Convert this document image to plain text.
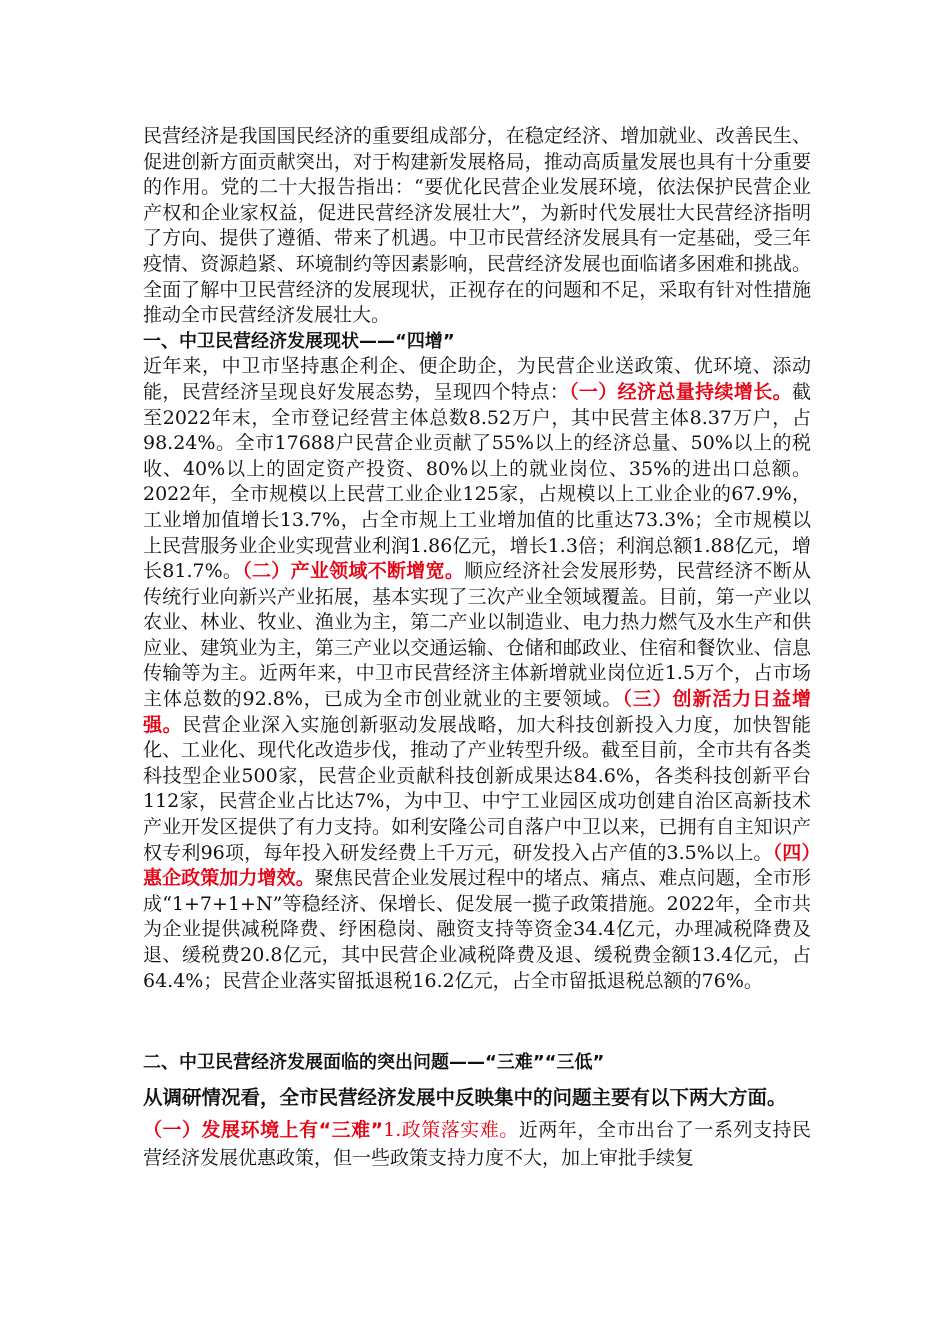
民营经济是我国国民经济的重要组成部分，在稳定经济、增加就业、改善民生、促进创新方面贡献突出，对于构建新发展格局，推动高质量发展也具有十分重要的作用。党的二十大报告指出：“要优化民营企业发展环境，依法保护民营企业产权和企业家权益，促进民营经济发展壮大”，为新时代发展壮大民营经济指明了方向、提供了遵循、带来了机遇。中卫市民营经济发展具有一定基础，受三年疫情、资源趋紧、环境制约等因素影响，民营经济发展也面临诸多困难和挑战。全面了解中卫民营经济的发展现状，正视存在的问题和不足，采取有针对性措施推动全市民营经济发展壮大。

一、中卫民营经济发展现状——“四增”

近年来，中卫市坚持惠企利企、便企助企，为民营企业送政策、优环境、添动能，民营经济呈现良好发展态势，呈现四个特点：（一）经济总量持续增长。截至2022年末，全市登记经营主体总数8.52万户，其中民营主体8.37万户，占98.24%。全市17688户民营企业贡献了55%以上的经济总量、50%以上的税收、40%以上的固定资产投资、80%以上的就业岗位、35%的进出口总额。2022年，全市规模以上民营工业企业125家，占规模以上工业企业的67.9%，工业增加值增长13.7%，占全市规上工业增加值的比重达73.3%；全市规模以上民营服务业企业实现营业利润1.86亿元，增长1.3倍；利润总额1.88亿元，增长81.7%。（二）产业领域不断增宽。顺应经济社会发展形势，民营经济不断从传统行业向新兴产业拓展，基本实现了三次产业全领域覆盖。目前，第一产业以农业、林业、牧业、渔业为主，第二产业以制造业、电力热力燃气及水生产和供应业、建筑业为主，第三产业以交通运输、仓储和邮政业、住宿和餐饮业、信息传输等为主。近两年来，中卫市民营经济主体新增就业岗位近1.5万个，占市场主体总数的92.8%，已成为全市创业就业的主要领域。（三）创新活力日益增强。民营企业深入实施创新驱动发展战略，加大科技创新投入力度，加快智能化、工业化、现代化改造步伐，推动了产业转型升级。截至目前，全市共有各类科技型企业500家，民营企业贡献科技创新成果达84.6%，各类科技创新平台112家，民营企业占比达7%，为中卫、中宁工业园区成功创建自治区高新技术产业开发区提供了有力支持。如利安隆公司自落户中卫以来，已拥有自主知识产权专利96项，每年投入研发经费上千万元，研发投入占产值的3.5%以上。（四）惠企政策加力增效。聚焦民营企业发展过程中的堵点、痛点、难点问题，全市形成“1+7+1+N”等稳经济、保增长、促发展一揽子政策措施。2022年，全市共为企业提供减税降费、纾困稳岗、融资支持等资金34.4亿元，办理减税降费及退、缓税费20.8亿元，其中民营企业减税降费及退、缓税费金额13.4亿元，占64.4%；民营企业落实留抵退税16.2亿元，占全市留抵退税总额的76%。

二、中卫民营经济发展面临的突出问题——“三难”“三低”

从调研情况看，全市民营经济发展中反映集中的问题主要有以下两大方面。

（一）发展环境上有“三难”1.政策落实难。近两年，全市出台了一系列支持民营经济发展优惠政策，但一些政策支持力度不大，加上审批手续复
